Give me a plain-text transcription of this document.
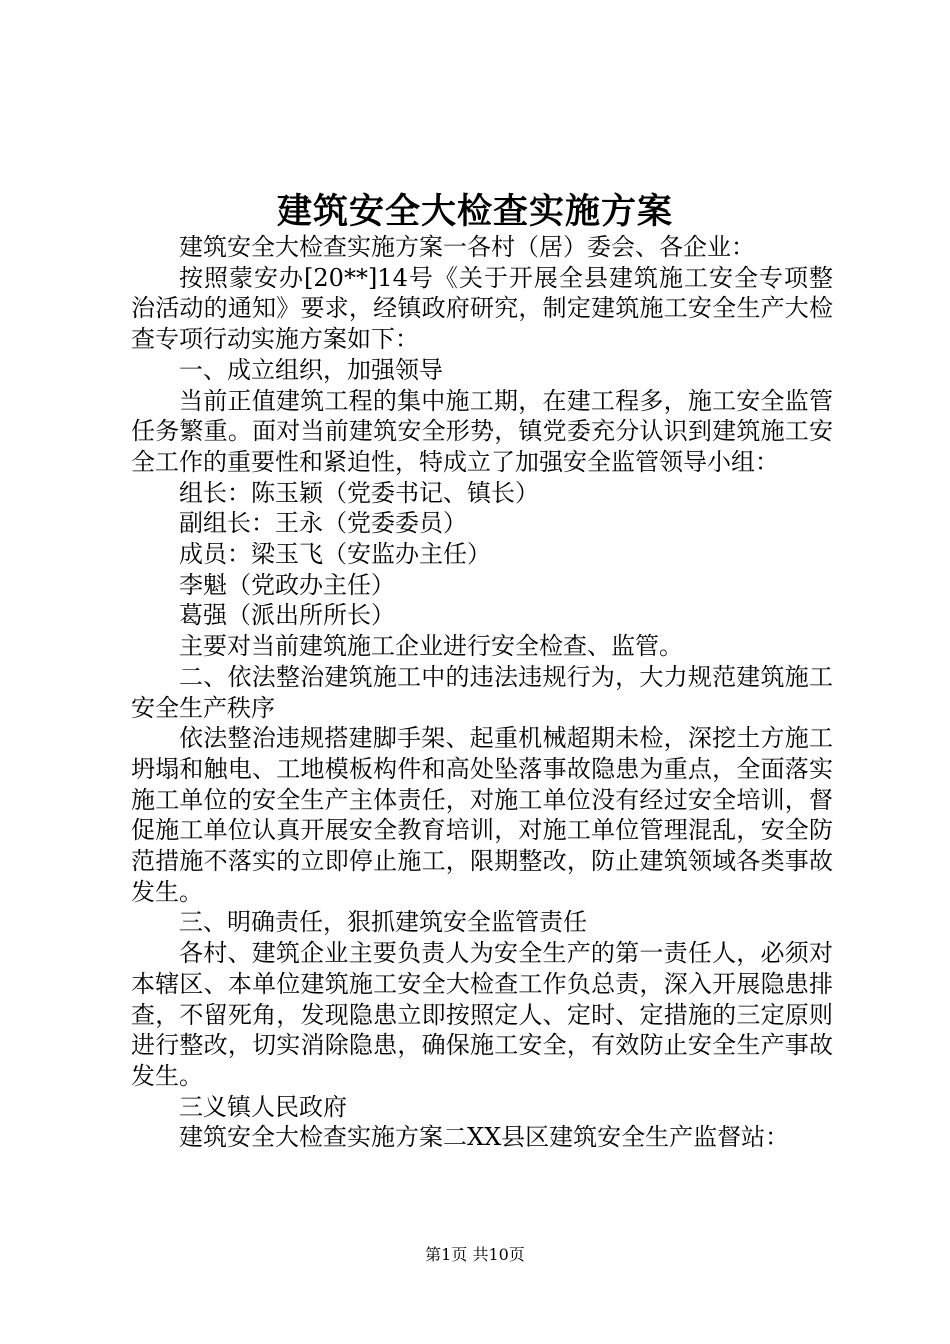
建筑安全大检查实施方案

建筑安全大检查实施方案一各村（居）委会、各企业：

按照蒙安办[20**]14号《关于开展全县建筑施工安全专项整治活动的通知》要求，经镇政府研究，制定建筑施工安全生产大检查专项行动实施方案如下：

一、成立组织，加强领导

当前正值建筑工程的集中施工期，在建工程多，施工安全监管任务繁重。面对当前建筑安全形势，镇党委充分认识到建筑施工安全工作的重要性和紧迫性，特成立了加强安全监管领导小组：

组长：陈玉颖（党委书记、镇长）

副组长：王永（党委委员）

成员：梁玉飞（安监办主任）

李魁（党政办主任）

葛强（派出所所长）

主要对当前建筑施工企业进行安全检查、监管。

二、依法整治建筑施工中的违法违规行为，大力规范建筑施工安全生产秩序

依法整治违规搭建脚手架、起重机械超期未检，深挖土方施工坍塌和触电、工地模板构件和高处坠落事故隐患为重点，全面落实施工单位的安全生产主体责任，对施工单位没有经过安全培训，督促施工单位认真开展安全教育培训，对施工单位管理混乱，安全防范措施不落实的立即停止施工，限期整改，防止建筑领域各类事故发生。

三、明确责任，狠抓建筑安全监管责任

各村、建筑企业主要负责人为安全生产的第一责任人，必须对本辖区、本单位建筑施工安全大检查工作负总责，深入开展隐患排查，不留死角，发现隐患立即按照定人、定时、定措施的三定原则进行整改，切实消除隐患，确保施工安全，有效防止安全生产事故发生。

三义镇人民政府

建筑安全大检查实施方案二XX县区建筑安全生产监督站：

第1页 共10页
